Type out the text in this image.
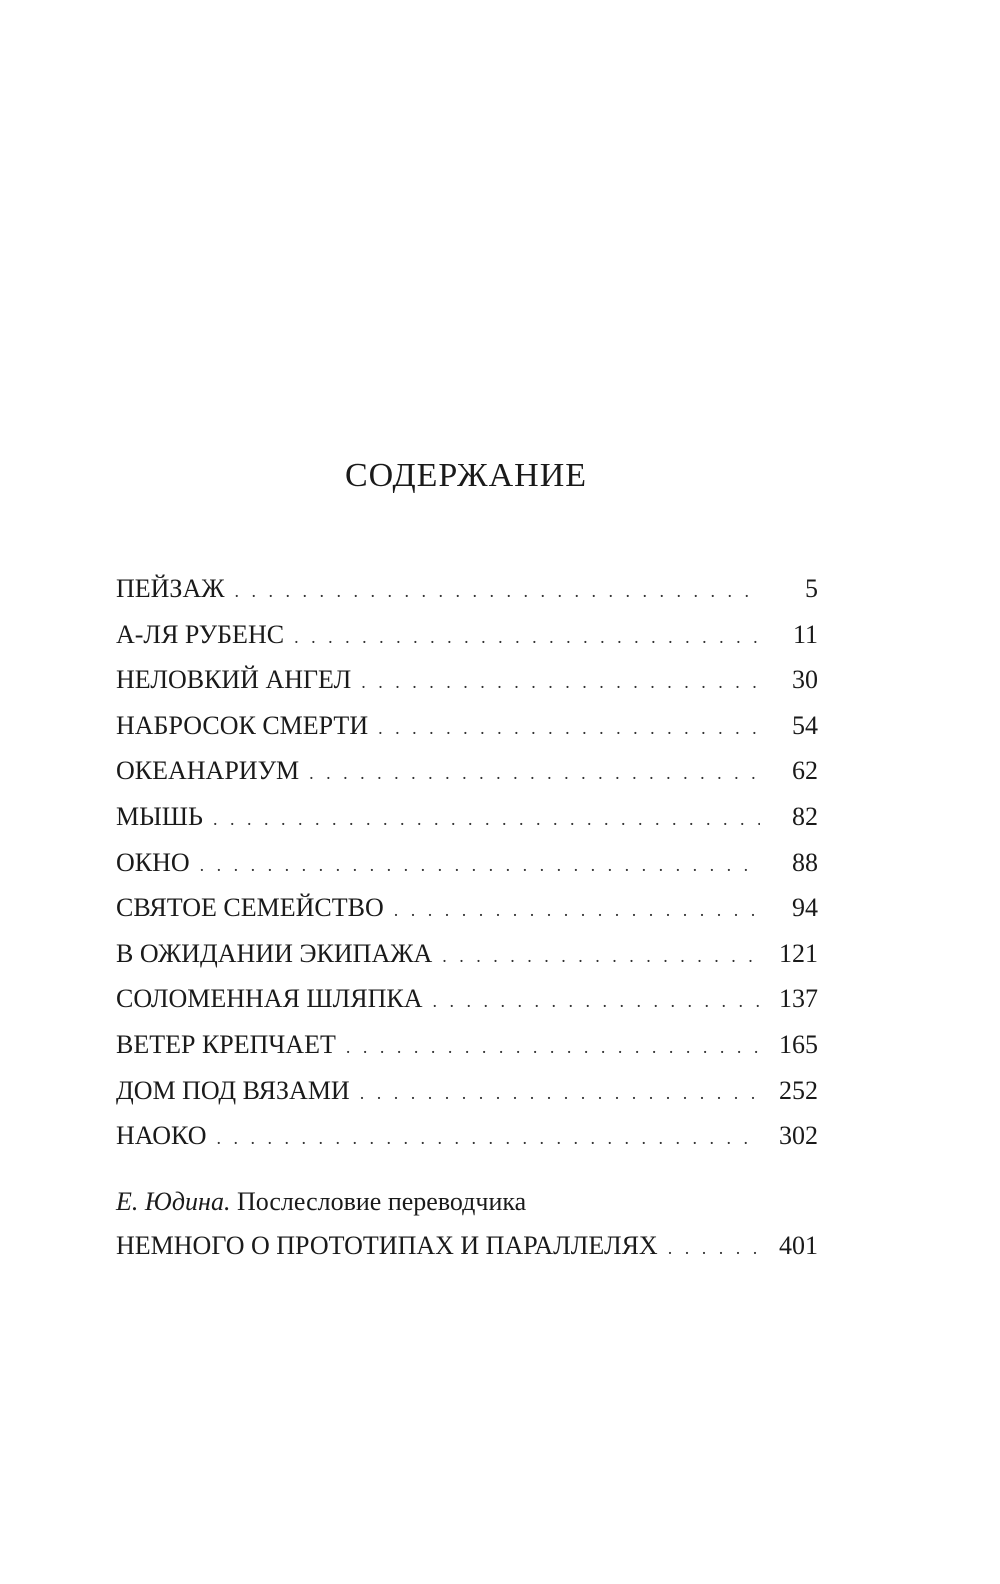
СОДЕРЖАНИЕ
ПЕЙЗАЖ . . .	5
А-ЛЯ РУБЕНС . . .	11
НЕЛОВКИЙ АНГЕЛ . . .	30
НАБРОСОК СМЕРТИ . . .	54
ОКЕАНАРИУМ . . .	62
МЫШЬ . . .	82
ОКНО . . .	88
СВЯТОЕ СЕМЕЙСТВО . . .	94
В ОЖИДАНИИ ЭКИПАЖА . . .	121
СОЛОМЕННАЯ ШЛЯПКА . . .	137
ВЕТЕР КРЕПЧАЕТ . . .	165
ДОМ ПОД ВЯЗАМИ . . .	252
НАОКО . . .	302
Е. Юдина. Послесловие переводчика
НЕМНОГО О ПРОТОТИПАХ И ПАРАЛЛЕЛЯХ . . .	401
